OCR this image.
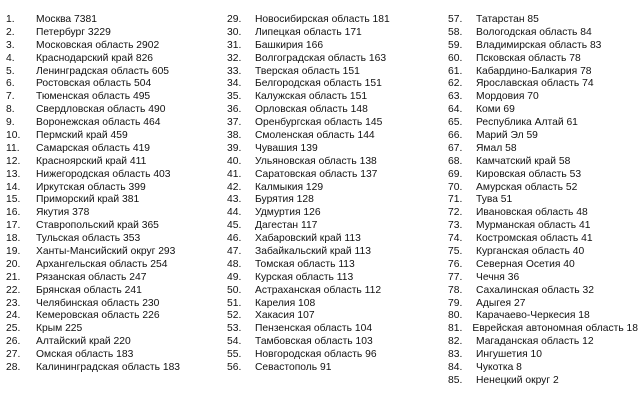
1.	Москва 7381
2.	Петербург 3229
3.	Московская область 2902
4.	Краснодарский край 826
5.	Ленинградская область 605
6.	Ростовская область 504
7.	Тюменская область 495
8.	Свердловская область 490
9.	Воронежская область 464
10.	Пермский край 459
11.	Самарская область 419
12.	Красноярский край 411
13.	Нижегородская область 403
14.	Иркутская область 399
15.	Приморский край 381
16.	Якутия 378
17.	Ставропольский край 365
18.	Тульская область 353
19.	Ханты-Мансийский округ 293
20.	Архангельская область 254
21.	Рязанская область 247
22.	Брянская область 241
23.	Челябинская область 230
24.	Кемеровская область 226
25.	Крым 225
26.	Алтайский край 220
27.	Омская область 183
28.	Калининградская область 183
29.	Новосибирская область 181
30.	Липецкая область 171
31.	Башкирия 166
32.	Волгоградская область 163
33.	Тверская область 151
34.	Белгородская область 151
35.	Калужская область 151
36.	Орловская область 148
37.	Оренбургская область 145
38.	Смоленская область 144
39.	Чувашия 139
40.	Ульяновская область 138
41.	Саратовская область 137
42.	Калмыкия 129
43.	Бурятия 128
44.	Удмуртия 126
45.	Дагестан 117
46.	Хабаровский край 113
47.	Забайкальский край 113
48.	Томская область 113
49.	Курская область 113
50.	Астраханская область 112
51.	Карелия 108
52.	Хакасия 107
53.	Пензенская область 104
54.	Тамбовская область 103
55.	Новгородская область 96
56.	Севастополь 91
57.	Татарстан 85
58.	Вологодская область 84
59.	Владимирская область 83
60.	Псковская область 78
61.	Кабардино-Балкария 78
62.	Ярославская область 74
63.	Мордовия 70
64.	Коми 69
65.	Республика Алтай 61
66.	Марий Эл 59
67.	Ямал 58
68.	Камчатский край 58
69.	Кировская область 53
70.	Амурская область 52
71.	Тува 51
72.	Ивановская область 48
73.	Мурманская область 41
74.	Костромская область 41
75.	Курганская область 40
76.	Северная Осетия 40
77.	Чечня 36
78.	Сахалинская область 32
79.	Адыгея 27
80.	Карачаево-Черкесия 18
81. Еврейская автономная область 18
82.	Магаданская область 12
83.	Ингушетия 10
84.	Чукотка 8
85.	Ненецкий округ 2
